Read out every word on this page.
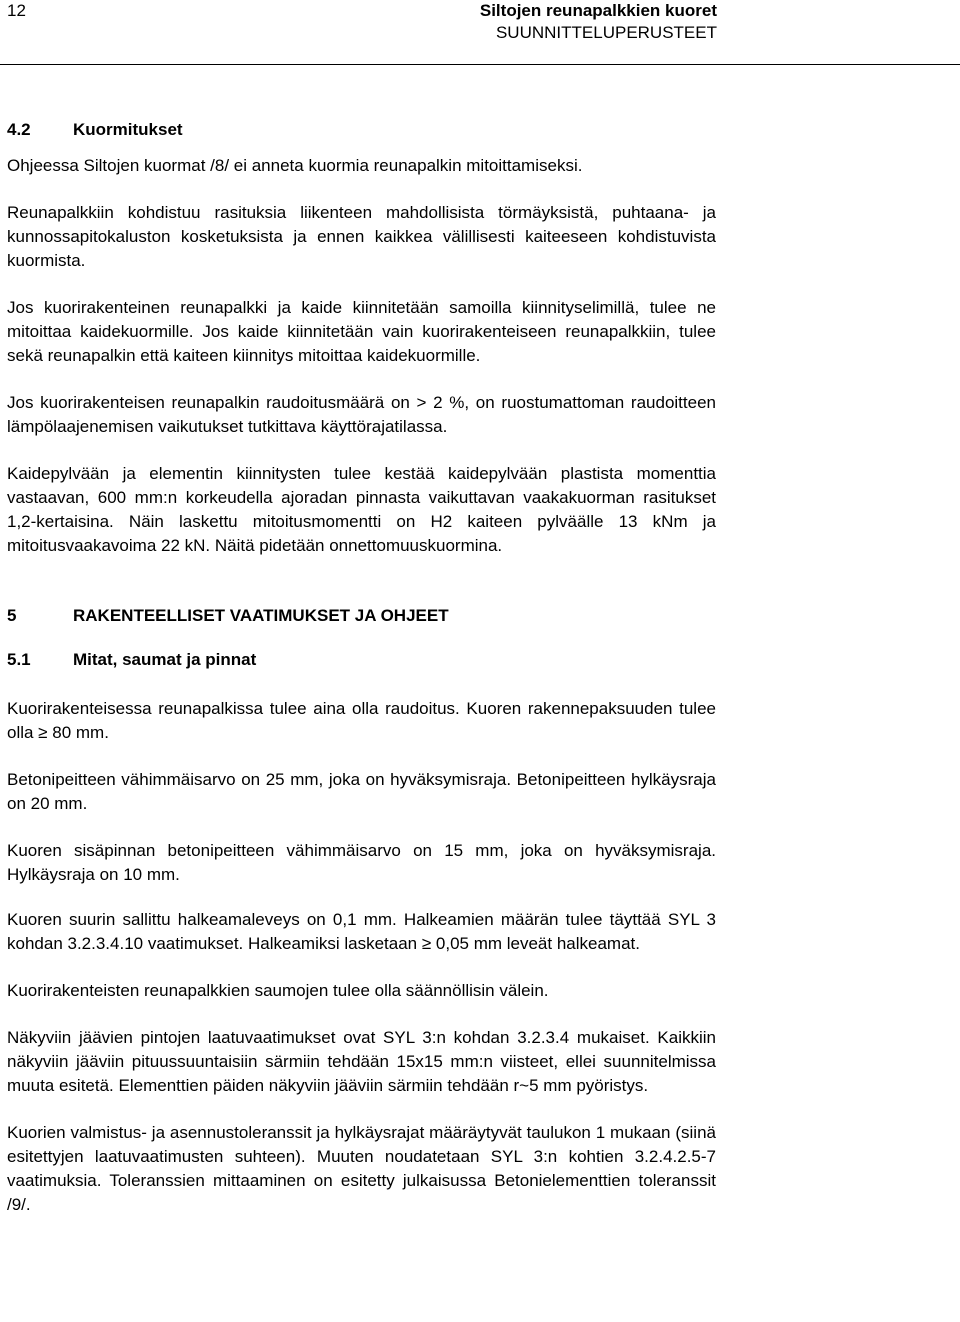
12	Siltojen reunapalkkien kuoret
SUUNNITTELUPERUSTEET
4.2 Kuormitukset

Ohjeessa Siltojen kuormat /8/ ei anneta kuormia reunapalkin mitoittamiseksi.

Reunapalkkiin kohdistuu rasituksia liikenteen mahdollisista törmäyksistä, puhtaana- ja kunnossapitokaluston kosketuksista ja ennen kaikkea välillisesti kaiteeseen kohdistuvista kuormista.

Jos kuorirakenteinen reunapalkki ja kaide kiinnitetään samoilla kiinnityselimillä, tulee ne mitoittaa kaidekuormille. Jos kaide kiinnitetään vain kuorirakenteiseen reunapalkkiin, tulee sekä reunapalkin että kaiteen kiinnitys mitoittaa kaidekuormille.

Jos kuorirakenteisen reunapalkin raudoitusmäärä on > 2 %, on ruostumattoman raudoitteen lämpölaajenemisen vaikutukset tutkittava käyttörajatilassa.

Kaidepylvään ja elementin kiinnitysten tulee kestää kaidepylvään plastista momenttia vastaavan, 600 mm:n korkeudella ajoradan pinnasta vaikuttavan vaakakuorman rasitukset 1,2-kertaisina. Näin laskettu mitoitusmomentti on H2 kaiteen pylväälle 13 kNm ja mitoitusvaakavoima 22 kN. Näitä pidetään onnettomuuskuormina.

5	RAKENTEELLISET VAATIMUKSET JA OHJEET
5.1 Mitat, saumat ja pinnat

Kuorirakenteisessa reunapalkissa tulee aina olla raudoitus. Kuoren rakennepaksuuden tulee olla ≥ 80 mm.

Betonipeitteen vähimmäisarvo on 25 mm, joka on hyväksymisraja. Betonipeitteen hylkäysraja on 20 mm.

Kuoren sisäpinnan betonipeitteen vähimmäisarvo on 15 mm, joka on hyväksymisraja. Hylkäysraja on 10 mm.

Kuoren suurin sallittu halkeamaleveys on 0,1 mm. Halkeamien määrän tulee täyttää SYL 3 kohdan 3.2.3.4.10 vaatimukset. Halkeamiksi lasketaan ≥ 0,05 mm leveät halkeamat.

Kuorirakenteisten reunapalkkien saumojen tulee olla säännöllisin välein.

Näkyviin jäävien pintojen laatuvaatimukset ovat SYL 3:n kohdan 3.2.3.4 mukaiset. Kaikkiin näkyviin jääviin pituussuuntaisiin särmiin tehdään 15x15 mm:n viisteet, ellei suunnitelmissa muuta esitetä. Elementtien päiden näkyviin jääviin särmiin tehdään r~5 mm pyöristys.

Kuorien valmistus- ja asennustoleranssit ja hylkäysrajat määräytyvät taulukon 1 mukaan (siinä esitettyjen laatuvaatimusten suhteen). Muuten noudatetaan SYL 3:n kohtien 3.2.4.2.5-7 vaatimuksia. Toleranssien mittaaminen on esitetty julkaisussa Betonielementtien toleranssit /9/.
